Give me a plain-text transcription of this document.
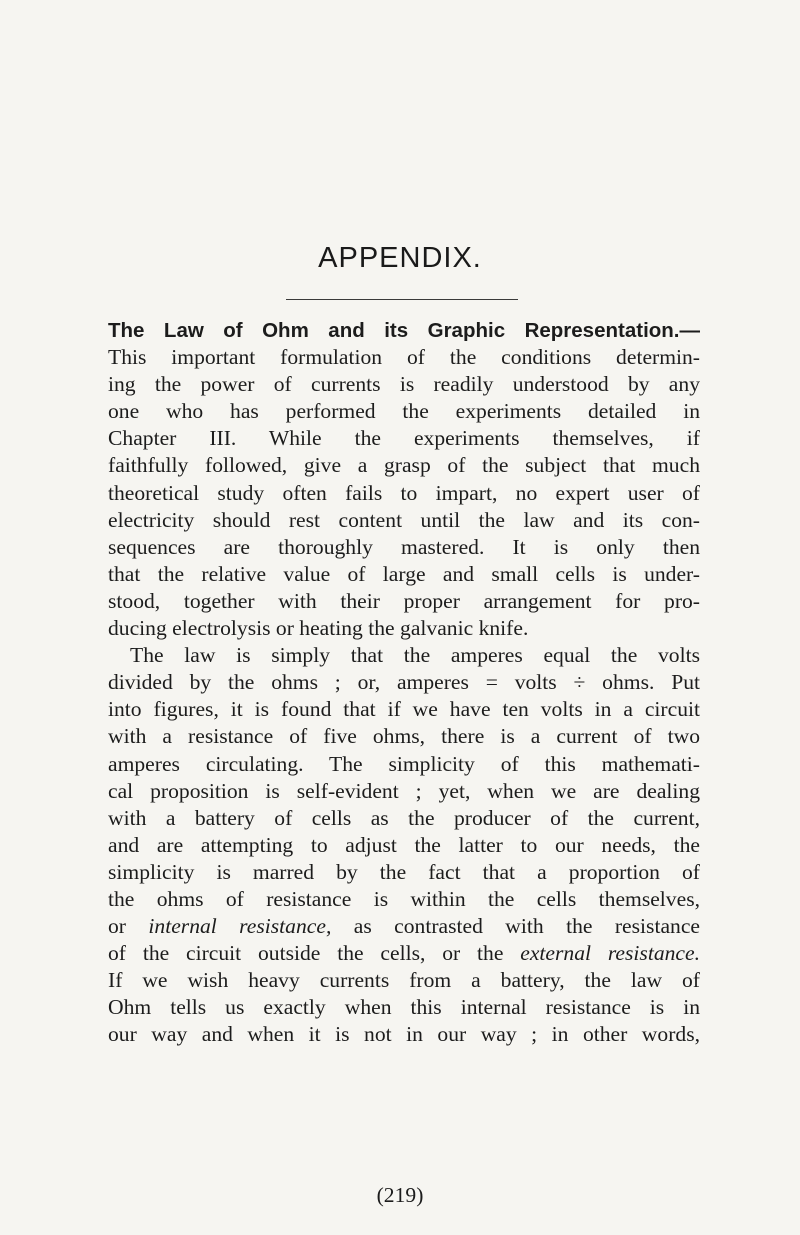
APPENDIX.
The Law of Ohm and its Graphic Representation.—
This important formulation of the conditions determin-
ing the power of currents is readily understood by any
one who has performed the experiments detailed in
Chapter III. While the experiments themselves, if
faithfully followed, give a grasp of the subject that much
theoretical study often fails to impart, no expert user of
electricity should rest content until the law and its con-
sequences are thoroughly mastered. It is only then
that the relative value of large and small cells is under-
stood, together with their proper arrangement for pro-
ducing electrolysis or heating the galvanic knife.
The law is simply that the amperes equal the volts
divided by the ohms ; or, amperes = volts ÷ ohms. Put
into figures, it is found that if we have ten volts in a circuit
with a resistance of five ohms, there is a current of two
amperes circulating. The simplicity of this mathemati-
cal proposition is self-evident ; yet, when we are dealing
with a battery of cells as the producer of the current,
and are attempting to adjust the latter to our needs, the
simplicity is marred by the fact that a proportion of
the ohms of resistance is within the cells themselves,
or internal resistance, as contrasted with the resistance
of the circuit outside the cells, or the external resistance.
If we wish heavy currents from a battery, the law of
Ohm tells us exactly when this internal resistance is in
our way and when it is not in our way ; in other words,
(219)
